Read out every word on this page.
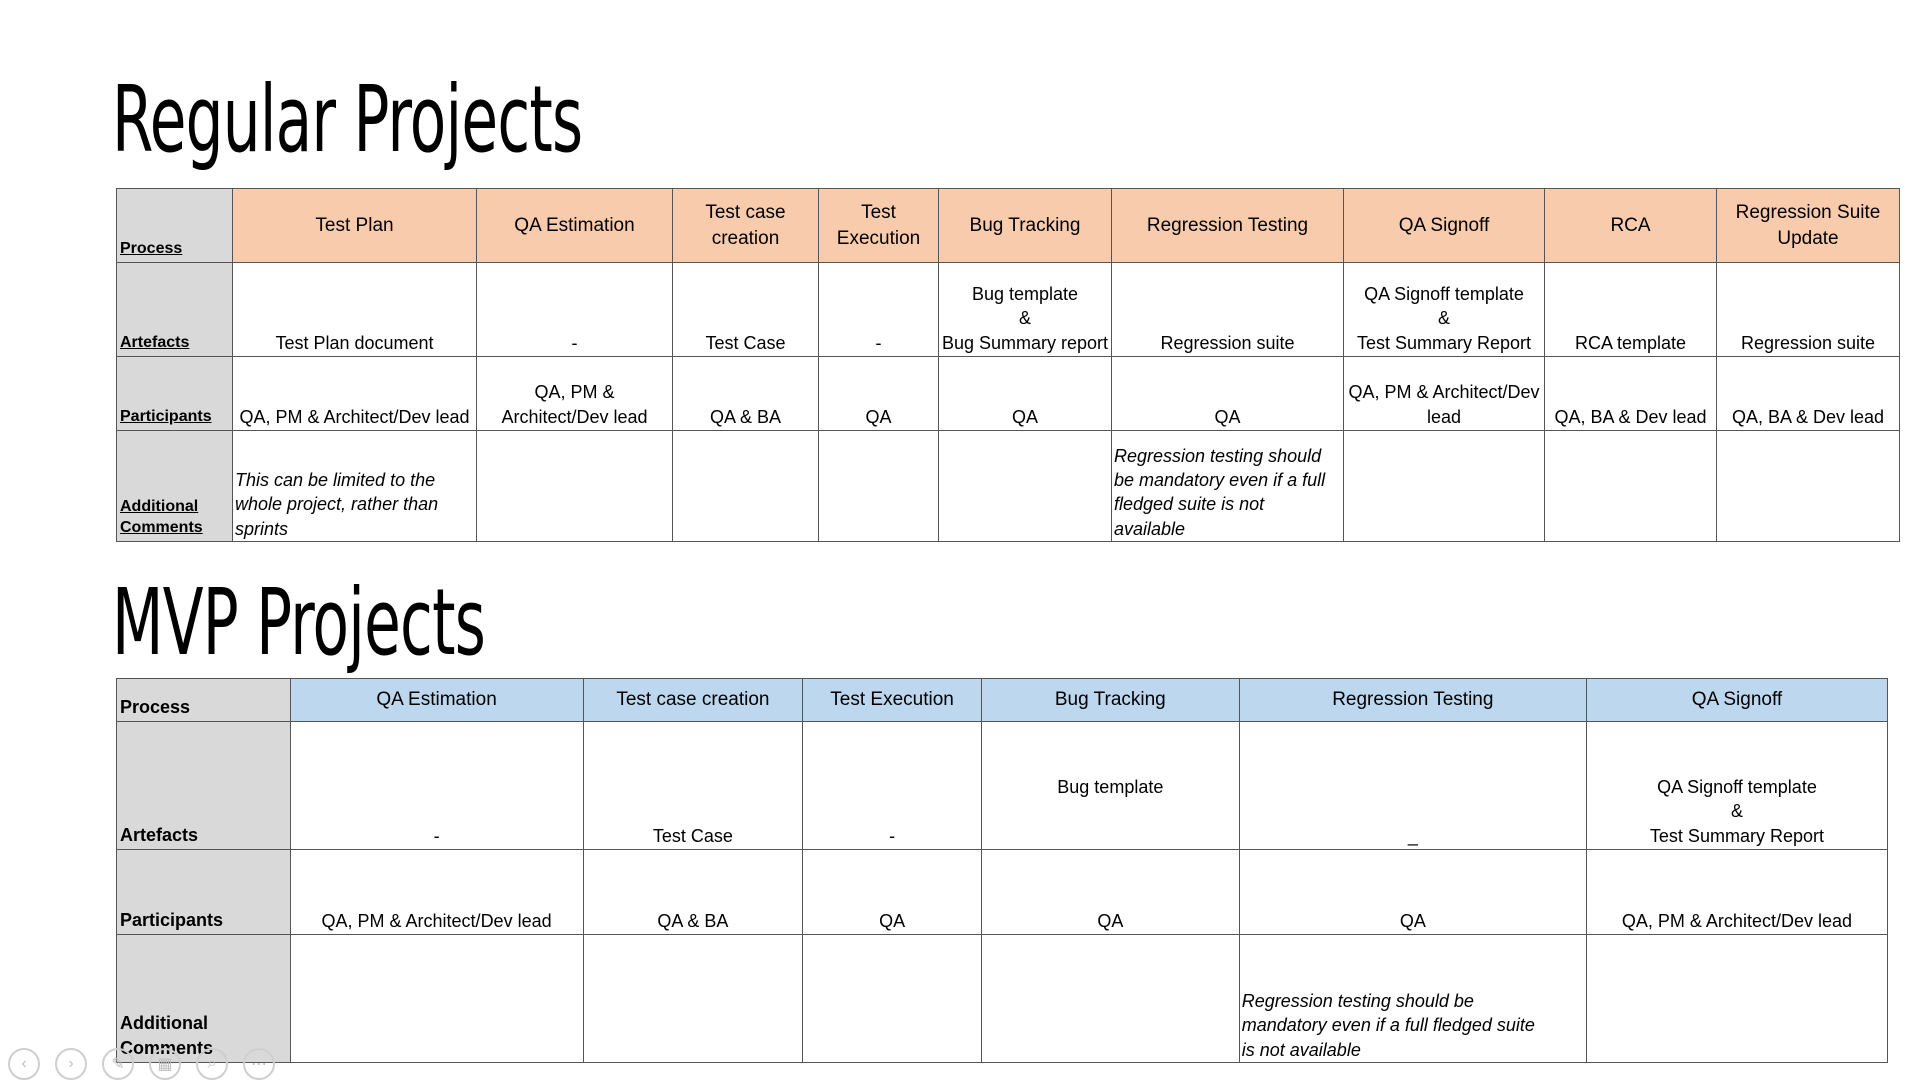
Regular Projects
Process	Test Plan	QA Estimation	Test case
creation	Test
Execution	Bug Tracking	Regression Testing	QA Signoff	RCA	Regression Suite
Update

Artefacts	Test Plan document	-	Test Case	-	Bug template
&
Bug Summary report	Regression suite	QA Signoff template
&
Test Summary Report	RCA template	Regression suite

Participants	QA, PM & Architect/Dev lead	QA, PM &
Architect/Dev lead	QA & BA	QA	QA	QA	QA, PM & Architect/Dev
lead	QA, BA & Dev lead	QA, BA & Dev lead

Additional
Comments	This can be limited to the
whole project, rather than
sprints					Regression testing should
be mandatory even if a full
fledged suite is not
available			

MVP Projects
Process	QA Estimation	Test case creation	Test Execution	Bug Tracking	Regression Testing	QA Signoff

Artefacts	-	Test Case	-	Bug template	_	QA Signoff template
&
Test Summary Report

Participants	QA, PM & Architect/Dev lead	QA & BA	QA	QA	QA	QA, PM & Architect/Dev lead

Additional
Comments					Regression testing should be
mandatory even if a full fledged suite
is not available	

‹	›	✎	▦	⌕	⋯
